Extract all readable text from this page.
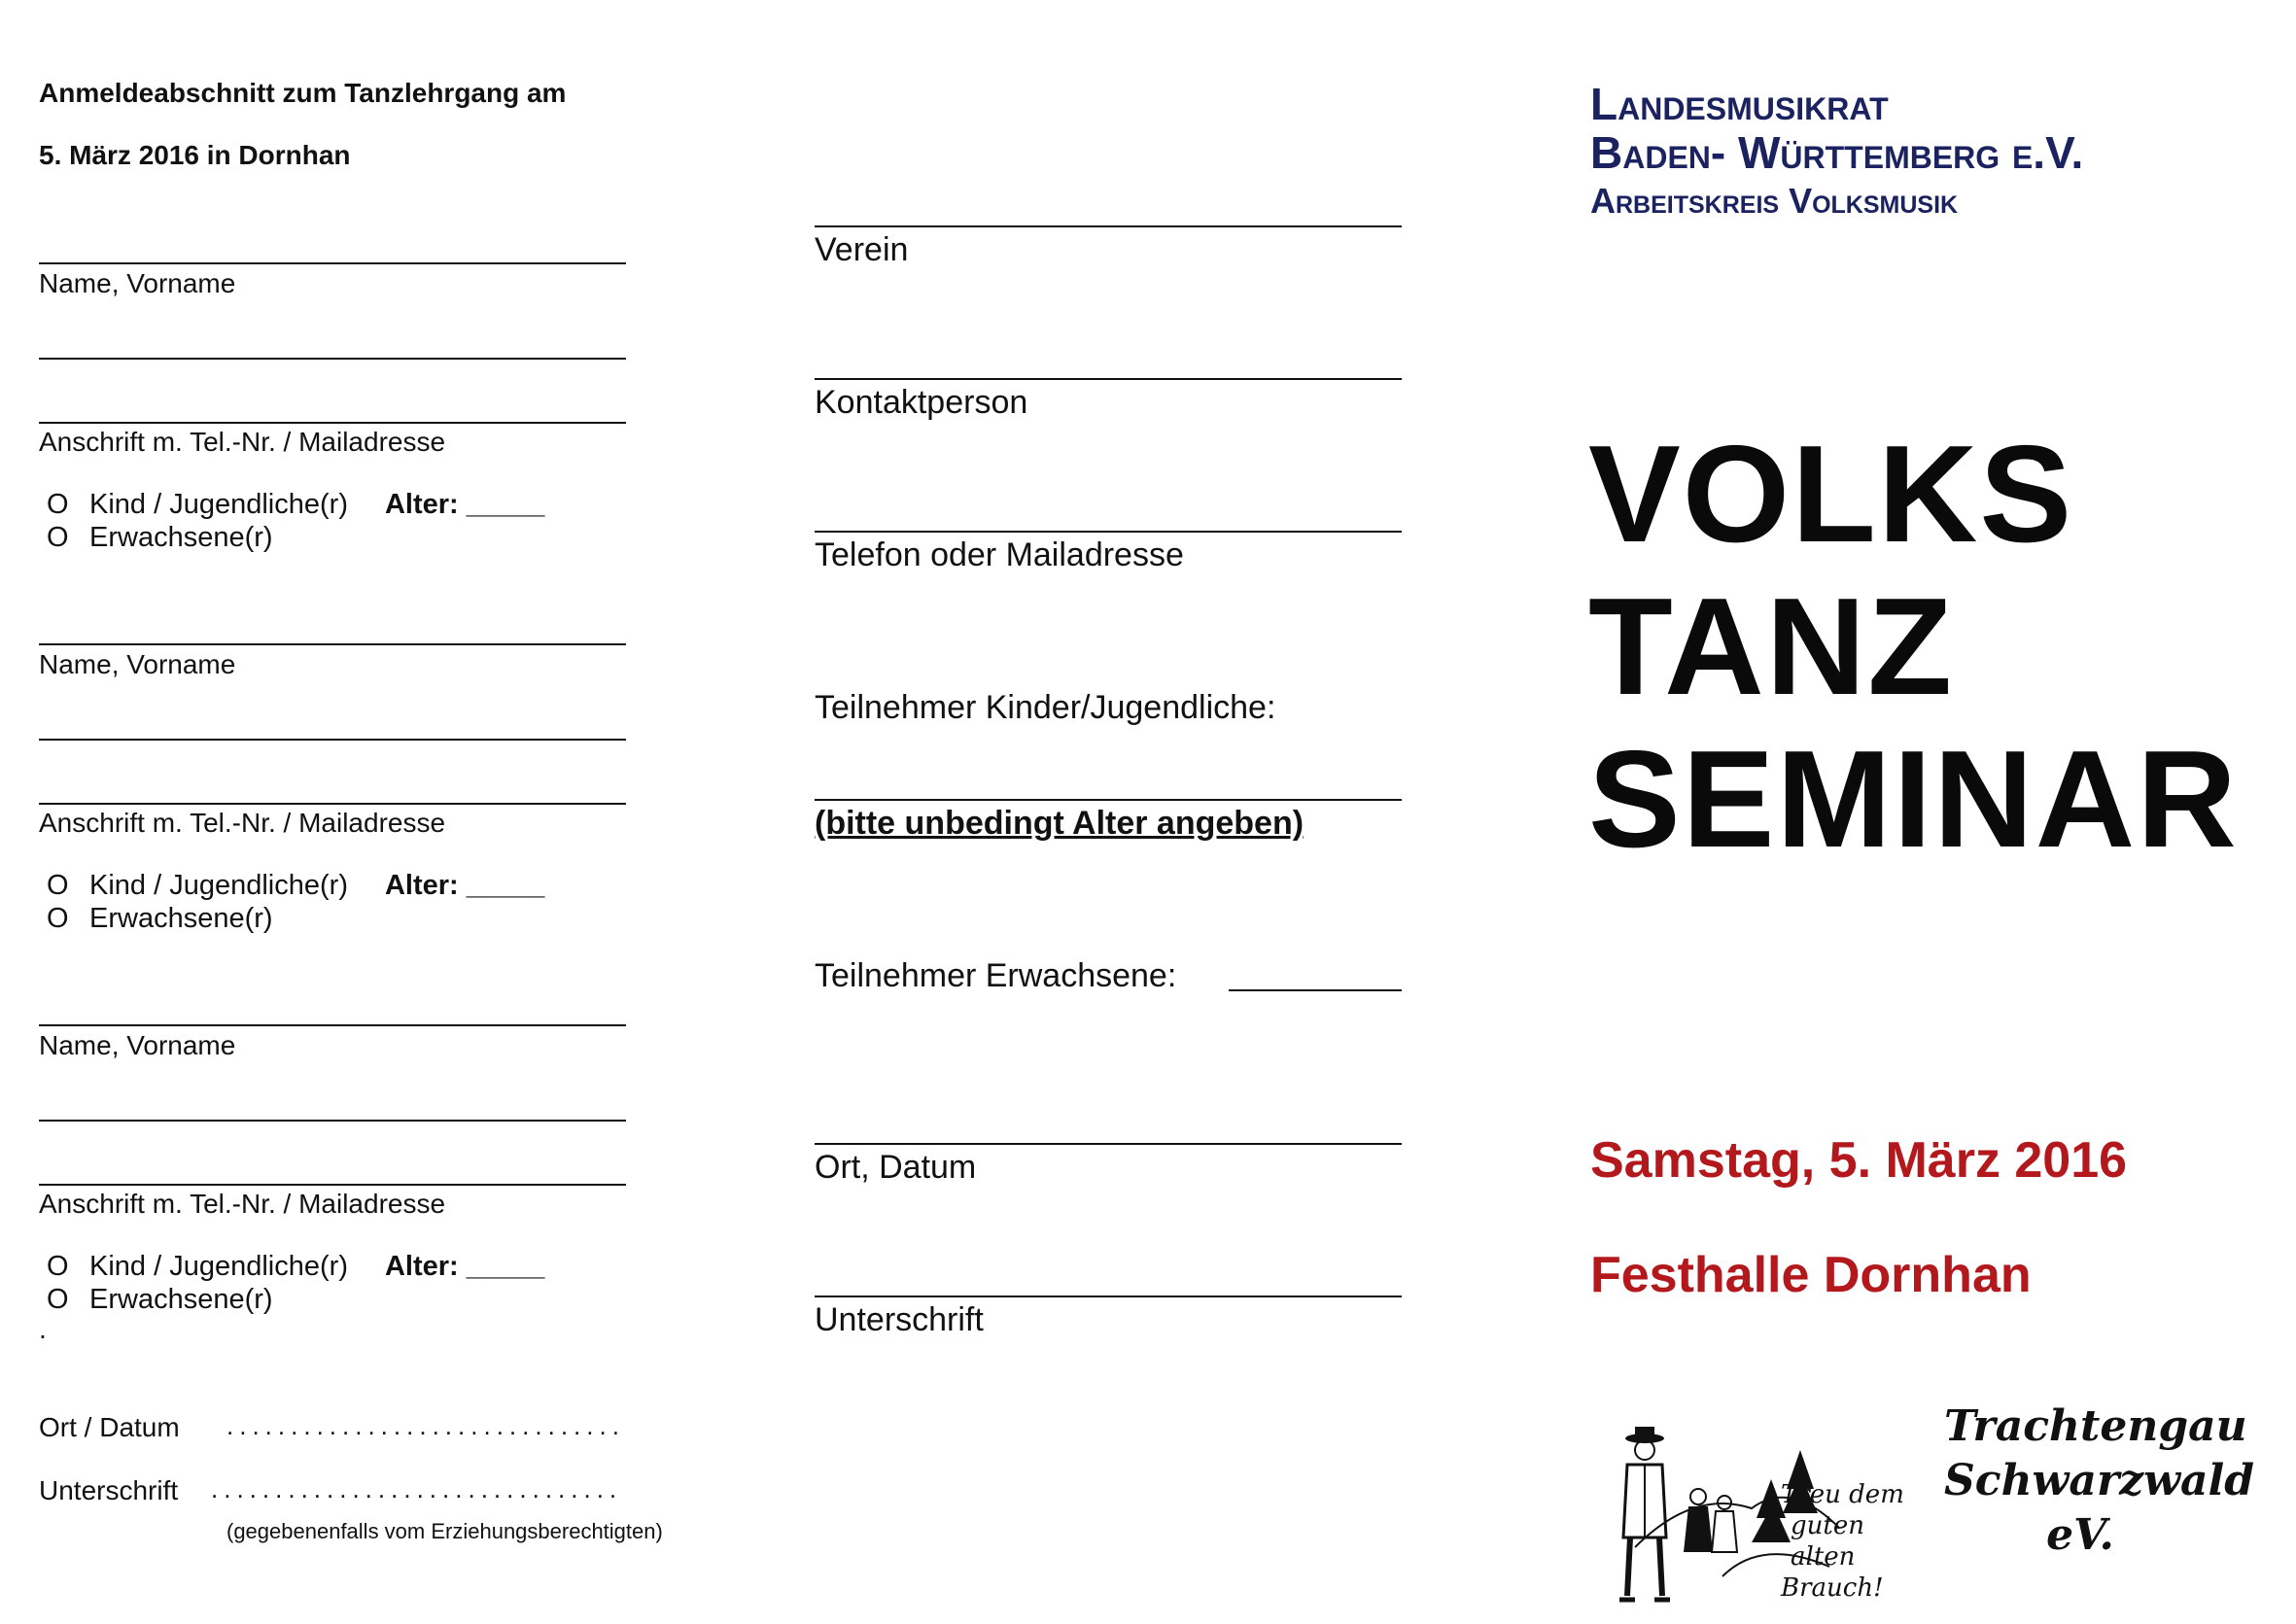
Anmeldeabschnitt zum Tanzlehrgang am
5. März 2016 in Dornhan
Name, Vorname
Anschrift m. Tel.-Nr. / Mailadresse
O Kind / Jugendliche(r) Alter: _____
O Erwachsene(r)
Name, Vorname
Anschrift m. Tel.-Nr. / Mailadresse
O Kind / Jugendliche(r) Alter: _____
O Erwachsene(r)
Name, Vorname
Anschrift m. Tel.-Nr. / Mailadresse
O Kind / Jugendliche(r) Alter: _____
O Erwachsene(r)
.
Ort / Datum ...............................
Unterschrift ................................
(gegebenenfalls vom Erziehungsberechtigten)
Verein
Kontaktperson
Telefon oder Mailadresse
Teilnehmer Kinder/Jugendliche:
(bitte unbedingt Alter angeben)
Teilnehmer Erwachsene:
Ort, Datum
Unterschrift
Landesmusikrat
Baden- Württemberg e.V.
Arbeitskreis Volksmusik
VOLKS
TANZ
SEMINAR
Samstag, 5. März 2016
Festhalle Dornhan
Treu dem
guten
alten
Brauch!
Trachtengau
Schwarzwald
eV.
